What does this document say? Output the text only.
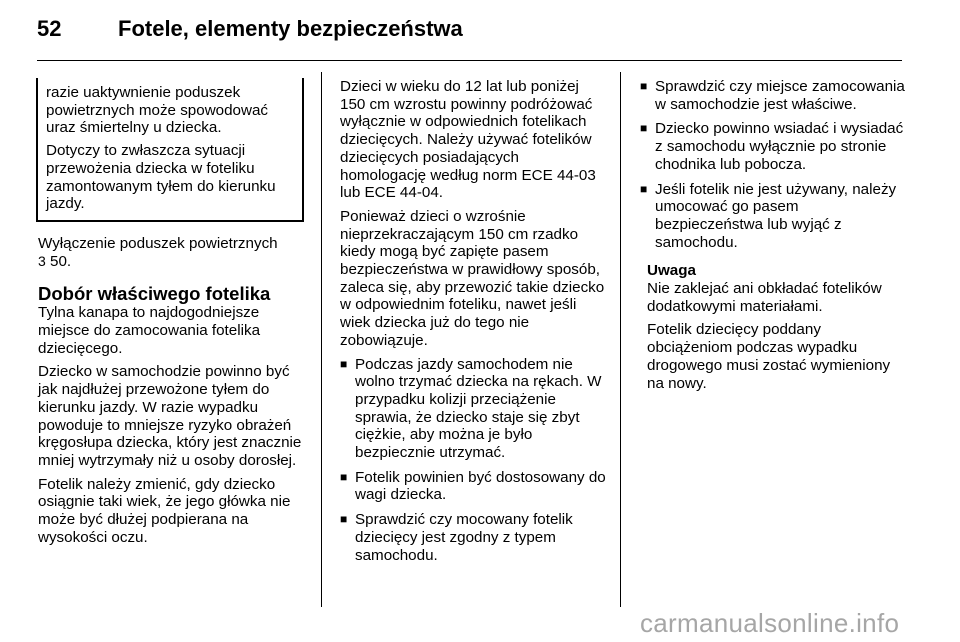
52	Fotele, elementy bezpieczeństwa

razie uaktywnienie poduszek powietrznych może spowodować uraz śmiertelny u dziecka.

Dotyczy to zwłaszcza sytuacji przewożenia dziecka w foteliku zamontowanym tyłem do kierunku jazdy.

Wyłączenie poduszek powietrznych
3 50.

Dobór właściwego fotelika

Tylna kanapa to najdogodniejsze miejsce do zamocowania fotelika dziecięcego.

Dziecko w samochodzie powinno być jak najdłużej przewożone tyłem do kierunku jazdy. W razie wypadku powoduje to mniejsze ryzyko obrażeń kręgosłupa dziecka, który jest znacznie mniej wytrzymały niż u osoby dorosłej.

Fotelik należy zmienić, gdy dziecko osiągnie taki wiek, że jego główka nie może być dłużej podpierana na wysokości oczu.

Dzieci w wieku do 12 lat lub poniżej 150 cm wzrostu powinny podróżować wyłącznie w odpowiednich fotelikach dziecięcych. Należy używać fotelików dziecięcych posiadających homologację według norm ECE 44-03 lub ECE 44-04.

Ponieważ dzieci o wzrośnie nieprzekraczającym 150 cm rzadko kiedy mogą być zapięte pasem bezpieczeństwa w prawidłowy sposób, zaleca się, aby przewozić takie dziecko w odpowiednim foteliku, nawet jeśli wiek dziecka już do tego nie zobowiązuje.

■ Podczas jazdy samochodem nie wolno trzymać dziecka na rękach. W przypadku kolizji przeciążenie sprawia, że dziecko staje się zbyt ciężkie, aby można je było bezpiecznie utrzymać.
■ Fotelik powinien być dostosowany do wagi dziecka.
■ Sprawdzić czy mocowany fotelik dziecięcy jest zgodny z typem samochodu.
■ Sprawdzić czy miejsce zamocowania w samochodzie jest właściwe.
■ Dziecko powinno wsiadać i wysiadać z samochodu wyłącznie po stronie chodnika lub pobocza.
■ Jeśli fotelik nie jest używany, należy umocować go pasem bezpieczeństwa lub wyjąć z samochodu.
Uwaga

Nie zaklejać ani obkładać fotelików dodatkowymi materiałami.

Fotelik dziecięcy poddany obciążeniom podczas wypadku drogowego musi zostać wymieniony na nowy.

carmanualsonline.info
